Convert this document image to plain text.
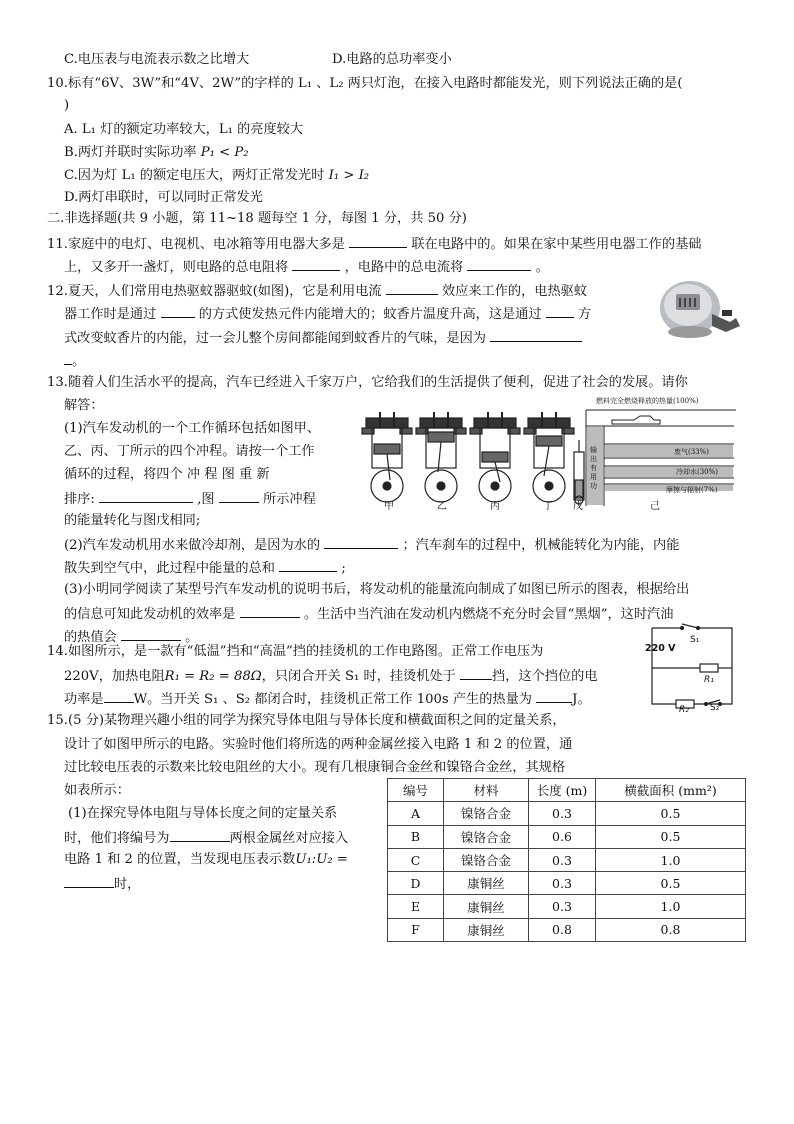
C.电压表与电流表示数之比增大	D.电路的总功率变小
10.标有“6V、3W”和“4V、2W”的字样的 L₁ 、L₂ 两只灯泡，在接入电路时都能发光，则下列说法正确的是(
)
A. L₁ 灯的额定功率较大，L₁ 的亮度较大
B.两灯并联时实际功率 P₁ < P₂
C.因为灯 L₁ 的额定电压大，两灯正常发光时 I₁ > I₂
D.两灯串联时，可以同时正常发光
二.非选择题(共 9 小题，第 11~18 题每空 1 分，每图 1 分，共 50 分)
11.家庭中的电灯、电视机、电冰箱等用电器大多是	联在电路中的。如果在家中某些用电器工作的基础
上，又多开一盏灯，则电路的总电阻将	，电路中的总电流将	。
12.夏天，人们常用电热驱蚊器驱蚊(如图)，它是利用电流	效应来工作的，电热驱蚊
器工作时是通过	的方式使发热元件内能增大的；蚊香片温度升高，这是通过	方
式改变蚊香片的内能，过一会儿整个房间都能闻到蚊香片的气味，是因为
。
13.随着人们生活水平的提高，汽车已经进入千家万户，它给我们的生活提供了便利，促进了社会的发展。请你
解答：
(1)汽车发动机的一个工作循环包括如图甲、
乙、丙、丁所示的四个冲程。请按一个工作
循环的过程，将四个 冲 程 图 重 新
排序:	,图	所示冲程
的能量转化与图戊相同;
(2)汽车发动机用水来做冷却剂，是因为水的	；汽车刹车的过程中，机械能转化为内能，内能
散失到空气中，此过程中能量的总和	;
(3)小明同学阅读了某型号汽车发动机的说明书后，将发动机的能量流向制成了如图已所示的图表，根据给出
的信息可知此发动机的效率是	。生活中当汽油在发动机内燃烧不充分时会冒“黑烟”，这时汽油
的热值会	。
甲	乙	丙	丁 戊
燃料完全燃烧释放的热量(100%)
输出有用功
废气(33%)
冷却水(30%)
摩擦与辐射(7%)
己
14.如图所示，是一款有“低温”挡和“高温”挡的挂烫机的工作电路图。正常工作电压为
220V，加热电阻R₁ = R₂ = 88Ω，只闭合开关 S₁ 时，挂烫机处于	挡，这个挡位的电
功率是 W。当开关 S₁ 、S₂ 都闭合时，挂烫机正常工作 100s 产生的热量为	J。
220 V
S₁
R₁
R₂ S₂
15.(5 分)某物理兴趣小组的同学为探究导体电阻与导体长度和横截面积之间的定量关系，
设计了如图甲所示的电路。实验时他们将所选的两种金属丝接入电路 1 和 2 的位置，通
过比较电压表的示数来比较电阻丝的大小。现有几根康铜合金丝和镍铬合金丝，其规格
如表所示：
(1)在探究导体电阻与导体长度之间的定量关系
时，他们将编号为	两根金属丝对应接入
电路 1 和 2 的位置，当发现电压表示数U₁:U₂ =
时，
编号	材料	长度 (m)	横截面积 (mm²)
A	镍铬合金	0.3	0.5
B	镍铬合金	0.6	0.5
C	镍铬合金	0.3	1.0
D	康铜丝	0.3	0.5
E	康铜丝	0.3	1.0
F	康铜丝	0.8	0.8
